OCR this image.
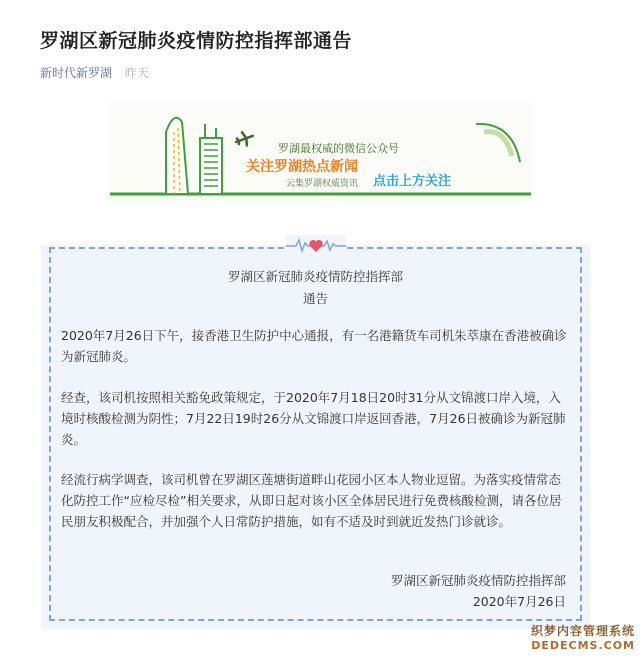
罗湖区新冠肺炎疫情防控指挥部通告
新时代新罗湖 昨天
罗湖最权威的微信公众号
关注罗湖热点新闻
云集罗湖权威资讯 点击上方关注
罗湖区新冠肺炎疫情防控指挥部
通告

2020年7月26日下午，接香港卫生防护中心通报，有一名港籍货车司机朱萃康在香港被确诊为新冠肺炎。

经查，该司机按照相关豁免政策规定，于2020年7月18日20时31分从文锦渡口岸入境，入境时核酸检测为阴性；7月22日19时26分从文锦渡口岸返回香港，7月26日被确诊为新冠肺炎。

经流行病学调查，该司机曾在罗湖区莲塘街道畔山花园小区本人物业逗留。为落实疫情常态化防控工作“应检尽检”相关要求，从即日起对该小区全体居民进行免费核酸检测，请各位居民朋友积极配合，并加强个人日常防护措施，如有不适及时到就近发热门诊就诊。

罗湖区新冠肺炎疫情防控指挥部
2020年7月26日
织梦内容管理系统
DEDECMS.COM
